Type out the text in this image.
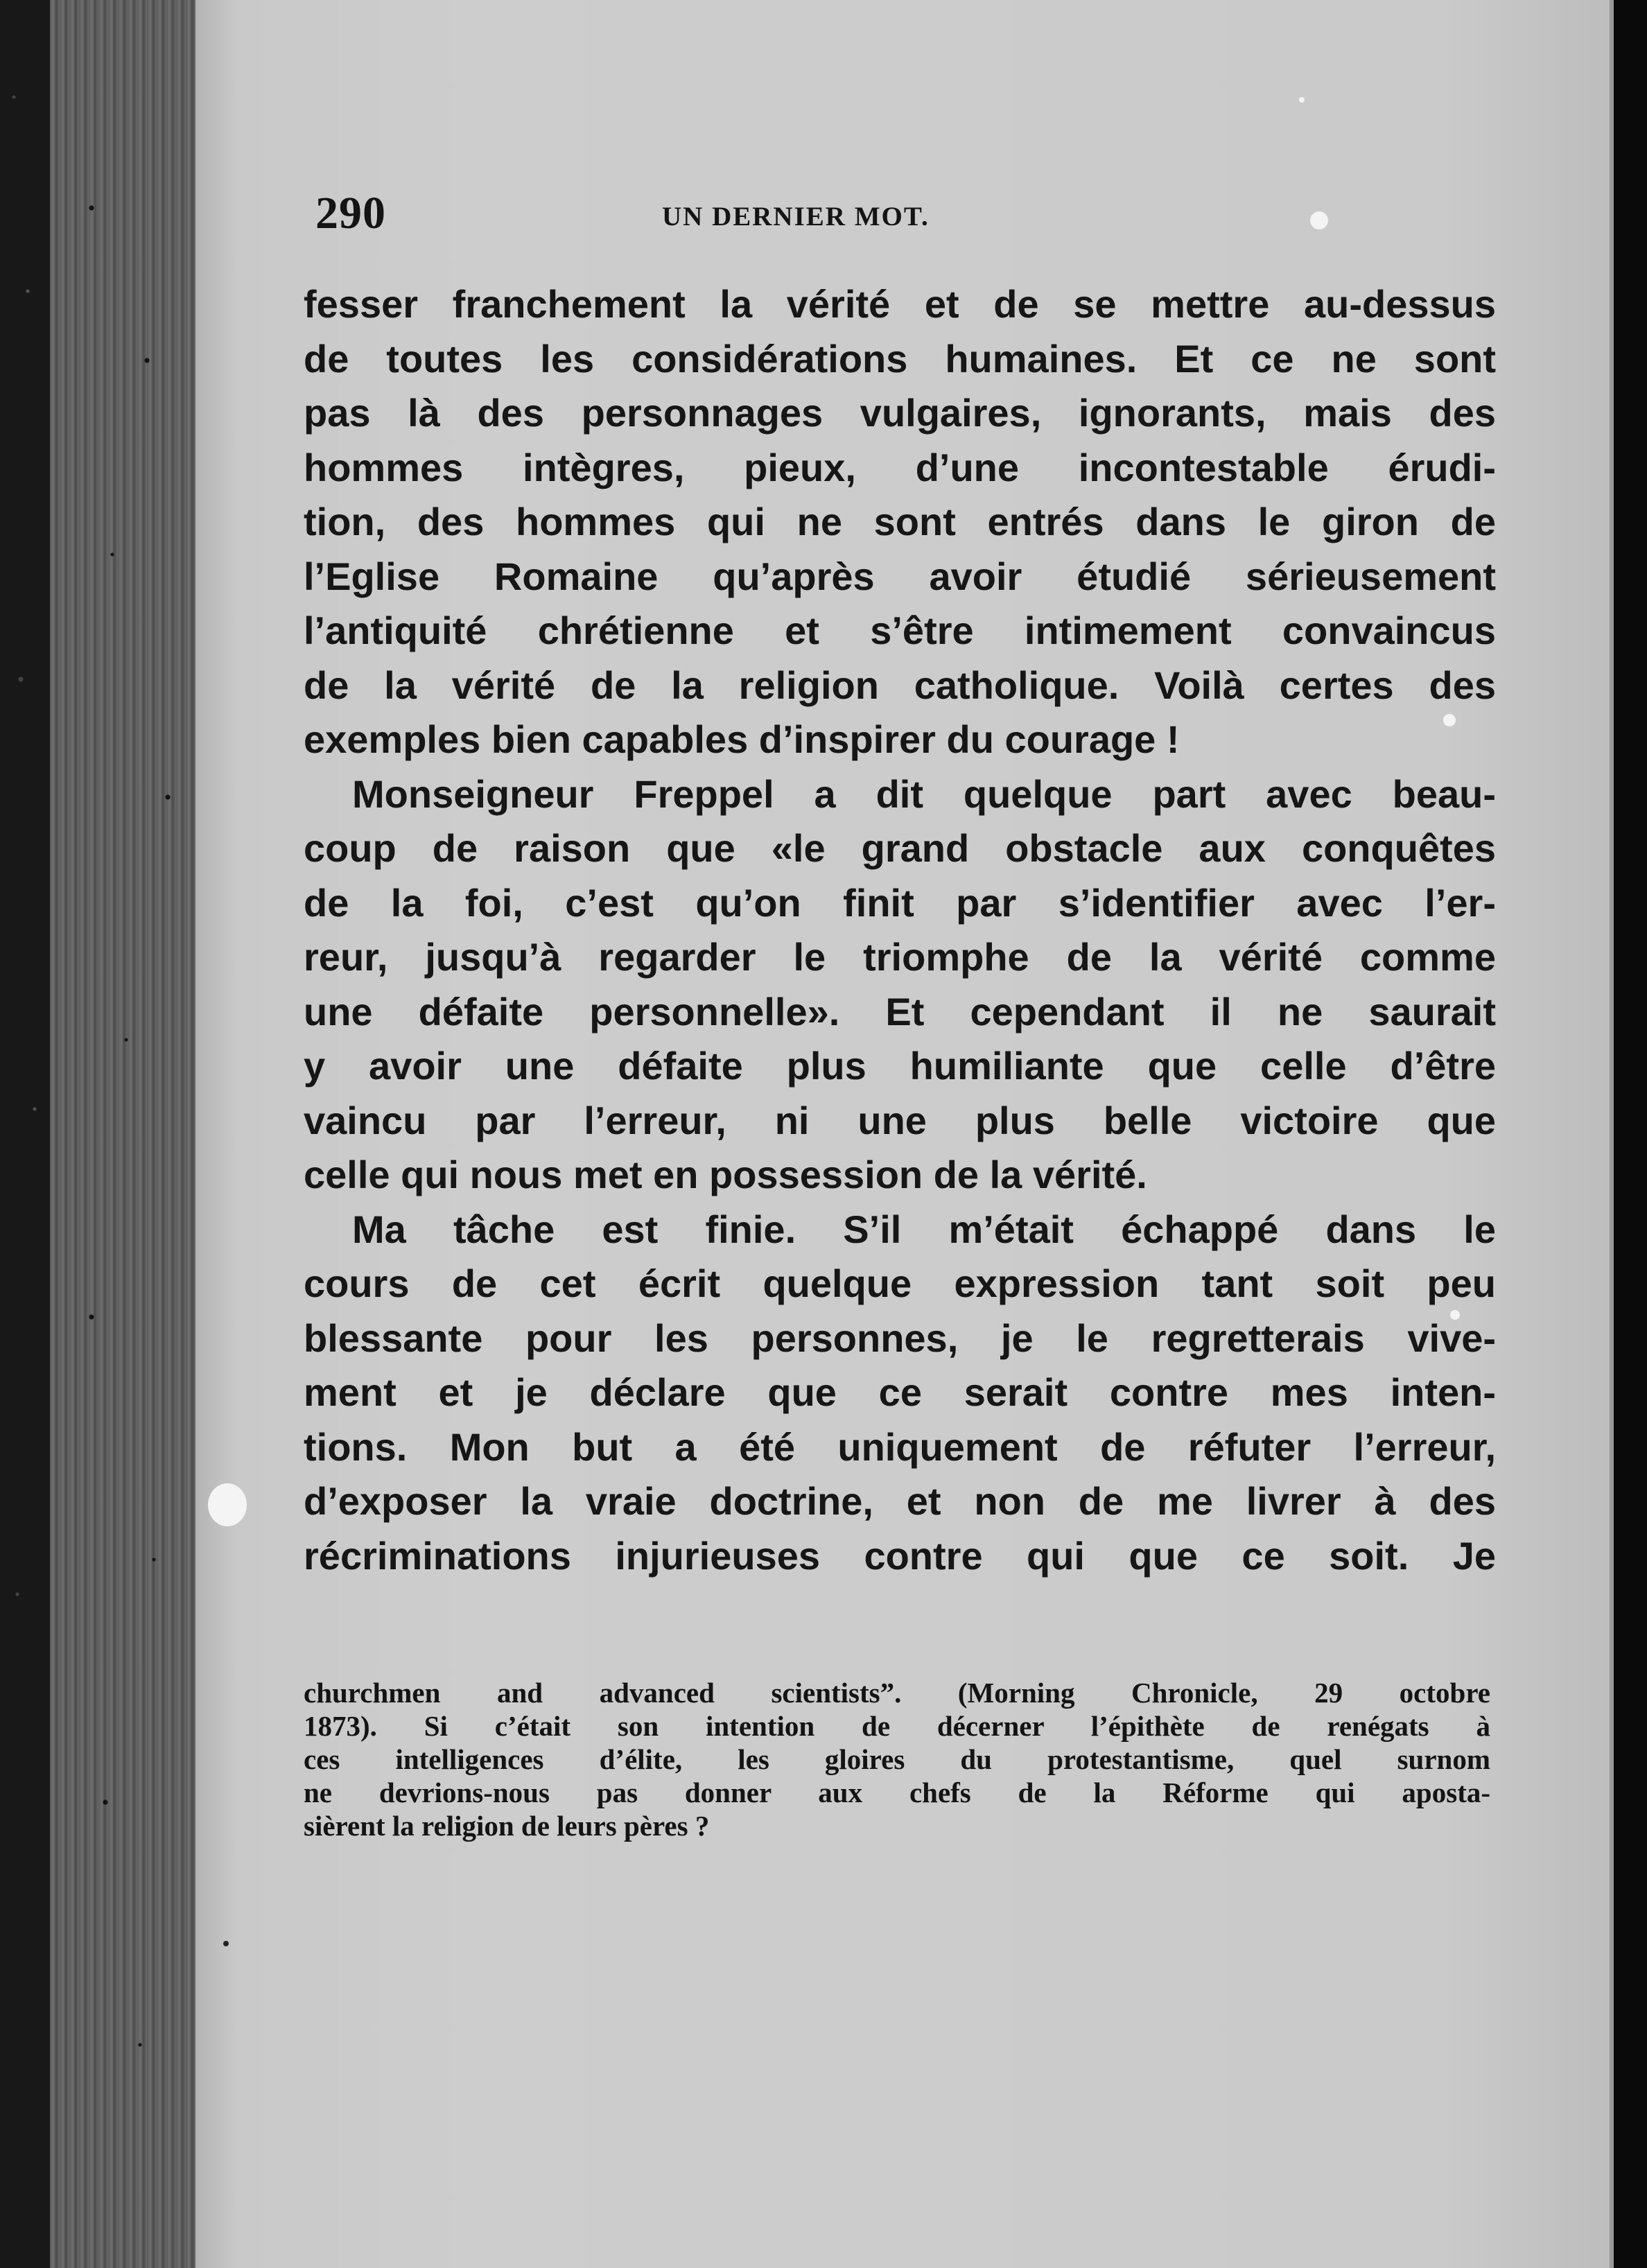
290	UN DERNIER MOT.
fesser franchement la vérité et de se mettre au-dessus
de toutes les considérations humaines. Et ce ne sont
pas là des personnages vulgaires, ignorants, mais des
hommes intègres, pieux, d’une incontestable érudi-
tion, des hommes qui ne sont entrés dans le giron de
l’Eglise Romaine qu’après avoir étudié sérieusement
l’antiquité chrétienne et s’être intimement convaincus
de la vérité de la religion catholique. Voilà certes des
exemples bien capables d’inspirer du courage !
Monseigneur Freppel a dit quelque part avec beau-
coup de raison que «le grand obstacle aux conquêtes
de la foi, c’est qu’on finit par s’identifier avec l’er-
reur, jusqu’à regarder le triomphe de la vérité comme
une défaite personnelle». Et cependant il ne saurait
y avoir une défaite plus humiliante que celle d’être
vaincu par l’erreur, ni une plus belle victoire que
celle qui nous met en possession de la vérité.
Ma tâche est finie. S’il m’était échappé dans le
cours de cet écrit quelque expression tant soit peu
blessante pour les personnes, je le regretterais vive-
ment et je déclare que ce serait contre mes inten-
tions. Mon but a été uniquement de réfuter l’erreur,
d’exposer la vraie doctrine, et non de me livrer à des
récriminations injurieuses contre qui que ce soit. Je
churchmen and advanced scientists”. (Morning Chronicle, 29 octobre
1873). Si c’était son intention de décerner l’épithète de renégats à
ces intelligences d’élite, les gloires du protestantisme, quel surnom
ne devrions-nous pas donner aux chefs de la Réforme qui aposta-
sièrent la religion de leurs pères ?
